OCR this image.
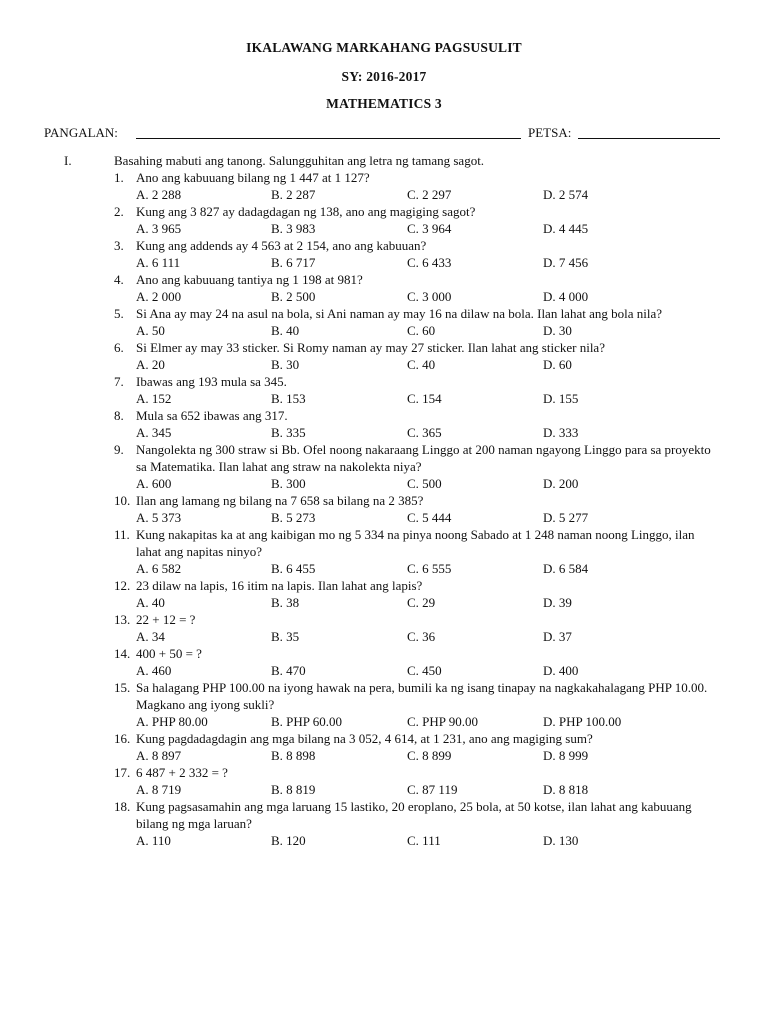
IKALAWANG MARKAHANG PAGSUSULIT
SY: 2016-2017
MATHEMATICS 3
PANGALAN:	PETSA:
I.	Basahing mabuti ang tanong. Salungguhitan ang letra ng tamang sagot.
1. Ano ang kabuuang bilang ng 1 447 at 1 127?
A. 2 288	B. 2 287	C. 2 297	D. 2 574
2. Kung ang 3 827 ay dadagdagan ng 138, ano ang magiging sagot?
A. 3 965	B. 3 983	C. 3 964	D. 4 445
3. Kung ang addends ay 4 563 at 2 154, ano ang kabuuan?
A. 6 111	B. 6 717	C. 6 433	D. 7 456
4. Ano ang kabuuang tantiya ng 1 198 at 981?
A. 2 000	B. 2 500	C. 3 000	D. 4 000
5. Si Ana ay may 24 na asul na bola, si Ani naman ay may 16 na dilaw na bola. Ilan lahat ang bola nila?
A. 50	B. 40	C. 60	D. 30
6. Si Elmer ay may 33 sticker. Si Romy naman ay may 27 sticker. Ilan lahat ang sticker nila?
A. 20	B. 30	C. 40	D. 60
7. Ibawas ang 193 mula sa 345.
A. 152	B. 153	C. 154	D. 155
8. Mula sa 652 ibawas ang 317.
A. 345	B. 335	C. 365	D. 333
9. Nangolekta ng 300 straw si Bb. Ofel noong nakaraang Linggo at 200 naman ngayong Linggo para sa proyekto sa Matematika. Ilan lahat ang straw na nakolekta niya?
A. 600	B. 300	C. 500	D. 200
10. Ilan ang lamang ng bilang na 7 658 sa bilang na 2 385?
A. 5 373	B. 5 273	C. 5 444	D. 5 277
11. Kung nakapitas ka at ang kaibigan mo ng 5 334 na pinya noong Sabado at 1 248 naman noong Linggo, ilan lahat ang napitas ninyo?
A. 6 582	B. 6 455	C. 6 555	D. 6 584
12. 23 dilaw na lapis, 16 itim na lapis. Ilan lahat ang lapis?
A. 40	B. 38	C. 29	D. 39
13. 22 + 12 = ?
A. 34	B. 35	C. 36	D. 37
14. 400 + 50 = ?
A. 460	B. 470	C. 450	D. 400
15. Sa halagang PHP 100.00 na iyong hawak na pera, bumili ka ng isang tinapay na nagkakahalagang PHP 10.00. Magkano ang iyong sukli?
A. PHP 80.00	B. PHP 60.00	C. PHP 90.00	D. PHP 100.00
16. Kung pagdadagdagin ang mga bilang na 3 052, 4 614, at 1 231, ano ang magiging sum?
A. 8 897	B. 8 898	C. 8 899	D. 8 999
17. 6 487 + 2 332 = ?
A. 8 719	B. 8 819	C. 87 119	D. 8 818
18. Kung pagsasamahin ang mga laruang 15 lastiko, 20 eroplano, 25 bola, at 50 kotse, ilan lahat ang kabuuang bilang ng mga laruan?
A. 110	B. 120	C. 111	D. 130
